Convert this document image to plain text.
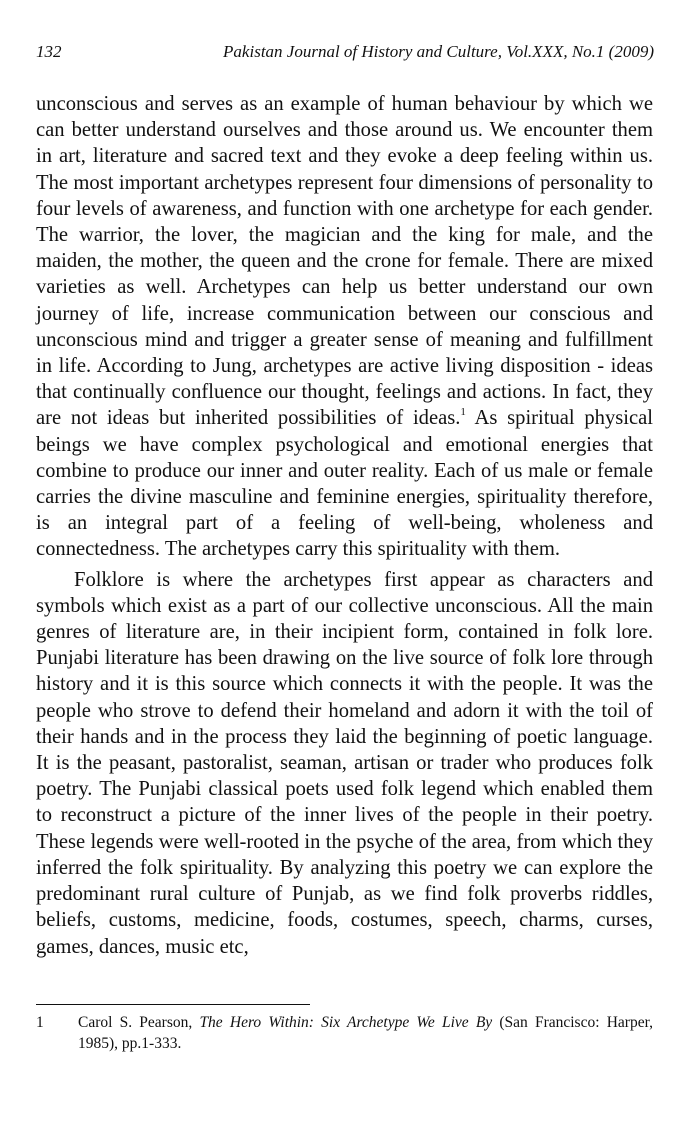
132	Pakistan Journal of History and Culture, Vol.XXX, No.1 (2009)

unconscious and serves as an example of human behaviour by which we can better understand ourselves and those around us. We encounter them in art, literature and sacred text and they evoke a deep feeling within us. The most important archetypes represent four dimensions of personality to four levels of awareness, and function with one archetype for each gender. The warrior, the lover, the magician and the king for male, and the maiden, the mother, the queen and the crone for female. There are mixed varieties as well. Archetypes can help us better understand our own journey of life, increase communication between our conscious and unconscious mind and trigger a greater sense of meaning and fulfillment in life. According to Jung, archetypes are active living disposition - ideas that continually confluence our thought, feelings and actions. In fact, they are not ideas but inherited possibilities of ideas.$^1$ As spiritual physical beings we have complex psychological and emotional energies that combine to produce our inner and outer reality. Each of us male or female carries the divine masculine and feminine energies, spirituality therefore, is an integral part of a feeling of well-being, wholeness and connectedness. The archetypes carry this spirituality with them.

Folklore is where the archetypes first appear as characters and symbols which exist as a part of our collective unconscious. All the main genres of literature are, in their incipient form, contained in folk lore. Punjabi literature has been drawing on the live source of folk lore through history and it is this source which connects it with the people. It was the people who strove to defend their homeland and adorn it with the toil of their hands and in the process they laid the beginning of poetic language. It is the peasant, pastoralist, seaman, artisan or trader who produces folk poetry. The Punjabi classical poets used folk legend which enabled them to reconstruct a picture of the inner lives of the people in their poetry. These legends were well-rooted in the psyche of the area, from which they inferred the folk spirituality. By analyzing this poetry we can explore the predominant rural culture of Punjab, as we find folk proverbs riddles, beliefs, customs, medicine, foods, costumes, speech, charms, curses, games, dances, music etc,

1	Carol S. Pearson, The Hero Within: Six Archetype We Live By (San Francisco: Harper, 1985), pp.1-333.
